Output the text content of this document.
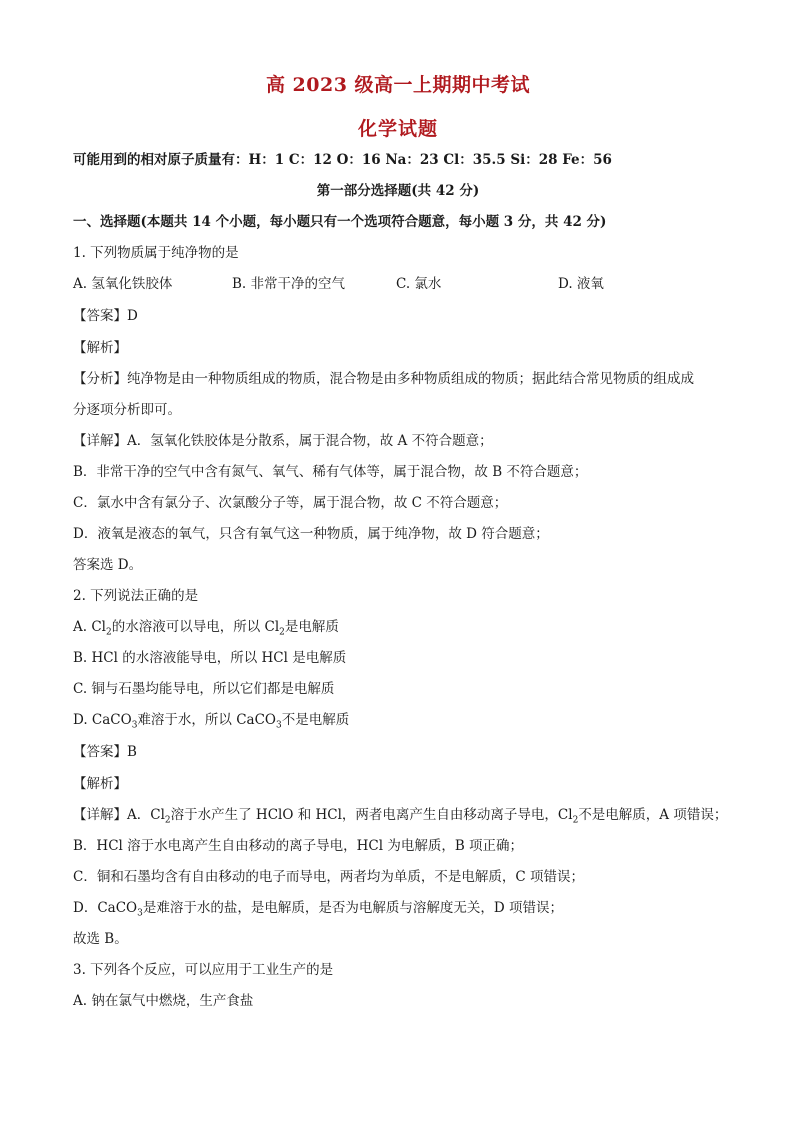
高 2023 级高一上期期中考试
化学试题
可能用到的相对原子质量有：H：1 C：12 O：16 Na：23 Cl：35.5 Si：28 Fe：56
第一部分选择题(共 42 分)
一、选择题(本题共 14 个小题，每小题只有一个选项符合题意，每小题 3 分，共 42 分)
1. 下列物质属于纯净物的是
A. 氢氧化铁胶体	B. 非常干净的空气	C. 氯水	D. 液氧
【答案】D
【解析】
【分析】纯净物是由一种物质组成的物质，混合物是由多种物质组成的物质；据此结合常见物质的组成成
分逐项分析即可。
【详解】A．氢氧化铁胶体是分散系，属于混合物，故 A 不符合题意；
B．非常干净的空气中含有氮气、氧气、稀有气体等，属于混合物，故 B 不符合题意；
C．氯水中含有氯分子、次氯酸分子等，属于混合物，故 C 不符合题意；
D．液氧是液态的氧气，只含有氧气这一种物质，属于纯净物，故 D 符合题意；
答案选 D。
2. 下列说法正确的是
A. $Cl_2$的水溶液可以导电，所以 $Cl_2$是电解质
B. HCl 的水溶液能导电，所以 HCl 是电解质
C. 铜与石墨均能导电，所以它们都是电解质
D. CaCO$_3$难溶于水，所以 CaCO$_3$不是电解质
【答案】B
【解析】
【详解】A．$Cl_2$溶于水产生了 HClO 和 HCl，两者电离产生自由移动离子导电，$Cl_2$不是电解质，A 项错误；
B．HCl 溶于水电离产生自由移动的离子导电，HCl 为电解质，B 项正确；
C．铜和石墨均含有自由移动的电子而导电，两者均为单质，不是电解质，C 项错误；
D．CaCO$_3$是难溶于水的盐，是电解质，是否为电解质与溶解度无关，D 项错误；
故选 B。
3. 下列各个反应，可以应用于工业生产的是
A. 钠在氯气中燃烧，生产食盐
